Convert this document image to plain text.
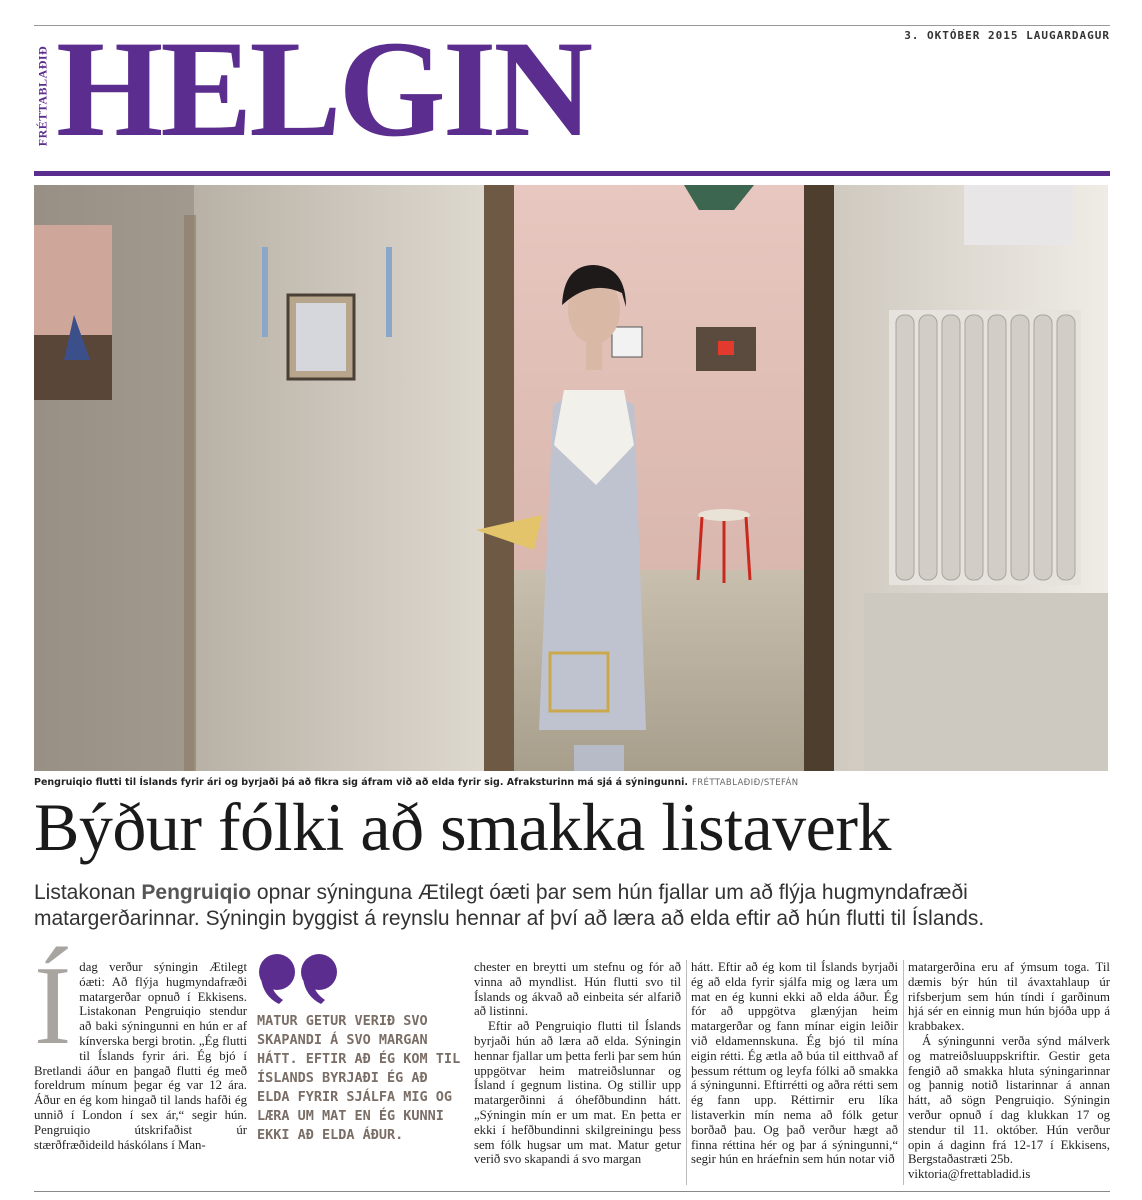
3. OKTÓBER 2015 LAUGARDAGUR
FRÉTTABLAÐIÐ HELGIN
Pengruiqio flutti til Íslands fyrir ári og byrjaði þá að fikra sig áfram við að elda fyrir sig. Afraksturinn má sjá á sýningunni. FRÉTTABLAÐIÐ/STEFÁN
Býður fólki að smakka listaverk
Listakonan Pengruiqio opnar sýninguna Ætilegt óæti þar sem hún fjallar um að flýja hugmyndafræði matargerðarinnar. Sýningin byggist á reynslu hennar af því að læra að elda eftir að hún flutti til Íslands.
Í dag verður sýningin Ætilegt óæti: Að flýja hugmyndafræði matargerðar opnuð í Ekkisens. Listakonan Pengruiqio stendur að baki sýningunni en hún er af kínverska bergi brotin. „Ég flutti til Íslands fyrir ári. Ég bjó í Bretlandi áður en þangað flutti ég með foreldrum mínum þegar ég var 12 ára. Áður en ég kom hingað til lands hafði ég unnið í London í sex ár,“ segir hún. Pengruiqio útskrifaðist úr stærðfræðideild háskólans í Man-

MATUR GETUR VERIÐ SVO SKAPANDI Á SVO MARGAN HÁTT. EFTIR AÐ ÉG KOM TIL ÍSLANDS BYRJAÐI ÉG AÐ ELDA FYRIR SJÁLFA MIG OG LÆRA UM MAT EN ÉG KUNNI EKKI AÐ ELDA ÁÐUR.

chester en breytti um stefnu og fór að vinna að myndlist. Hún flutti svo til Íslands og ákvað að einbeita sér alfarið að listinni.

Eftir að Pengruiqio flutti til Íslands byrjaði hún að læra að elda. Sýningin hennar fjallar um þetta ferli þar sem hún uppgötvar heim matreiðslunnar og Ísland í gegnum listina. Og stillir upp matargerðinni á óhefðbundinn hátt. „Sýningin mín er um mat. En þetta er ekki í hefðbundinni skilgreiningu þess sem fólk hugsar um mat. Matur getur verið svo skapandi á svo margan

hátt. Eftir að ég kom til Íslands byrjaði ég að elda fyrir sjálfa mig og læra um mat en ég kunni ekki að elda áður. Ég fór að uppgötva glænýjan heim matargerðar og fann mínar eigin leiðir við eldamennskuna. Ég bjó til mína eigin rétti. Ég ætla að búa til eitthvað af þessum réttum og leyfa fólki að smakka á sýningunni. Eftirrétti og aðra rétti sem ég fann upp. Réttirnir eru líka listaverkin mín nema að fólk getur borðað þau. Og það verður hægt að finna réttina hér og þar á sýningunni,“ segir hún en hráefnin sem hún notar við

matargerðina eru af ýmsum toga. Til dæmis býr hún til ávaxtahlaup úr rifsberjum sem hún tíndi í garðinum hjá sér en einnig mun hún bjóða upp á krabbakex.

Á sýningunni verða sýnd málverk og matreiðsluuppskriftir. Gestir geta fengið að smakka hluta sýningarinnar og þannig notið listarinnar á annan hátt, að sögn Pengruiqio. Sýningin verður opnuð í dag klukkan 17 og stendur til 11. október. Hún verður opin á daginn frá 12-17 í Ekkisens, Bergstaðastræti 25b.

viktoria@frettabladid.is
